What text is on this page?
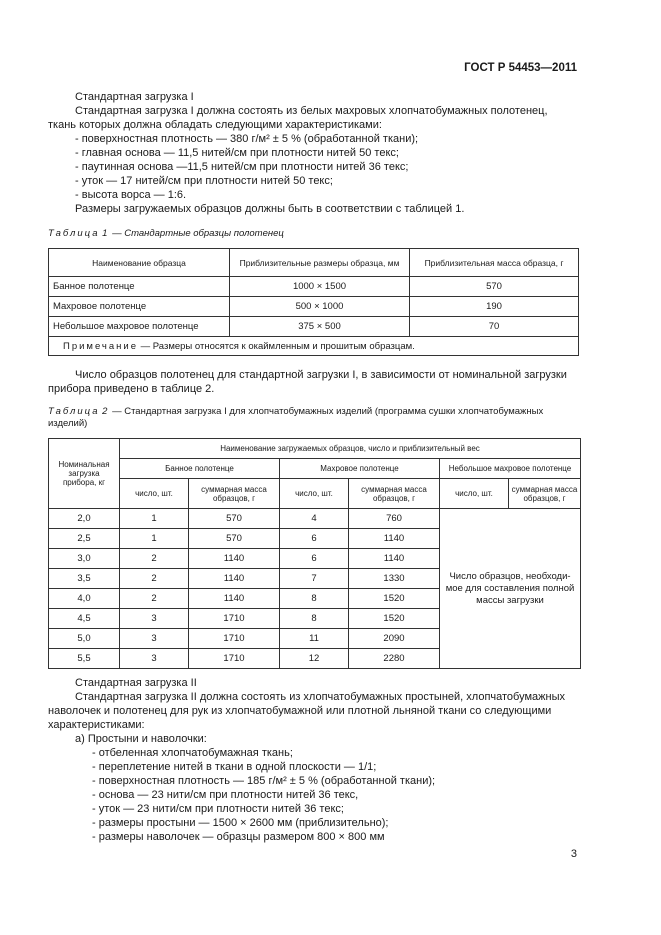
ГОСТ Р 54453—2011
Стандартная загрузка I
Стандартная загрузка I должна состоять из белых махровых хлопчатобумажных полотенец, ткань которых должна обладать следующими характеристиками:
- поверхностная плотность — 380 г/м² ± 5 % (обработанной ткани);
- главная основа — 11,5 нитей/см при плотности нитей 50 текс;
- паутинная основа —11,5 нитей/см при плотности нитей 36 текс;
- уток — 17 нитей/см при плотности нитей 50 текс;
- высота ворса — 1:6.
Размеры загружаемых образцов должны быть в соответствии с таблицей 1.
Таблица 1 — Стандартные образцы полотенец
Наименование образца	Приблизительные размеры образца, мм	Приблизительная масса образца, г
Банное полотенце	1000 × 1500	570
Махровое полотенце	500 × 1000	190
Небольшое махровое полотенце	375 × 500	70
Примечание — Размеры относятся к окаймленным и прошитым образцам.		
Число образцов полотенец для стандартной загрузки I, в зависимости от номинальной загрузки прибора приведено в таблице 2.
Таблица 2 — Стандартная загрузка I для хлопчатобумажных изделий (программа сушки хлопчатобумажных изделий)
Номинальная загрузка прибора, кг	Наименование загружаемых образцов, число и приблизительный вес					
	Банное полотенце		Махровое полотенце		Небольшое махровое полотенце	
	число, шт.	суммарная масса образцов, г	число, шт.	суммарная масса образцов, г	число, шт.	суммарная масса образцов, г
2,0	1	570	4	760	Число образцов, необходи-мое для составления полной массы загрузки	
2,5	1	570	6	1140		
3,0	2	1140	6	1140		
3,5	2	1140	7	1330		
4,0	2	1140	8	1520		
4,5	3	1710	8	1520		
5,0	3	1710	11	2090		
5,5	3	1710	12	2280		
Стандартная загрузка II
Стандартная загрузка II должна состоять из хлопчатобумажных простыней, хлопчатобумажных наволочек и полотенец для рук из хлопчатобумажной или плотной льняной ткани со следующими характеристиками:
а) Простыни и наволочки:
- отбеленная хлопчатобумажная ткань;
- переплетение нитей в ткани в одной плоскости — 1/1;
- поверхностная плотность — 185 г/м² ± 5 % (обработанной ткани);
- основа — 23 нити/см при плотности нитей 36 текс,
- уток — 23 нити/см при плотности нитей 36 текс;
- размеры простыни — 1500 × 2600 мм (приблизительно);
- размеры наволочек — образцы размером 800 × 800 мм
3
